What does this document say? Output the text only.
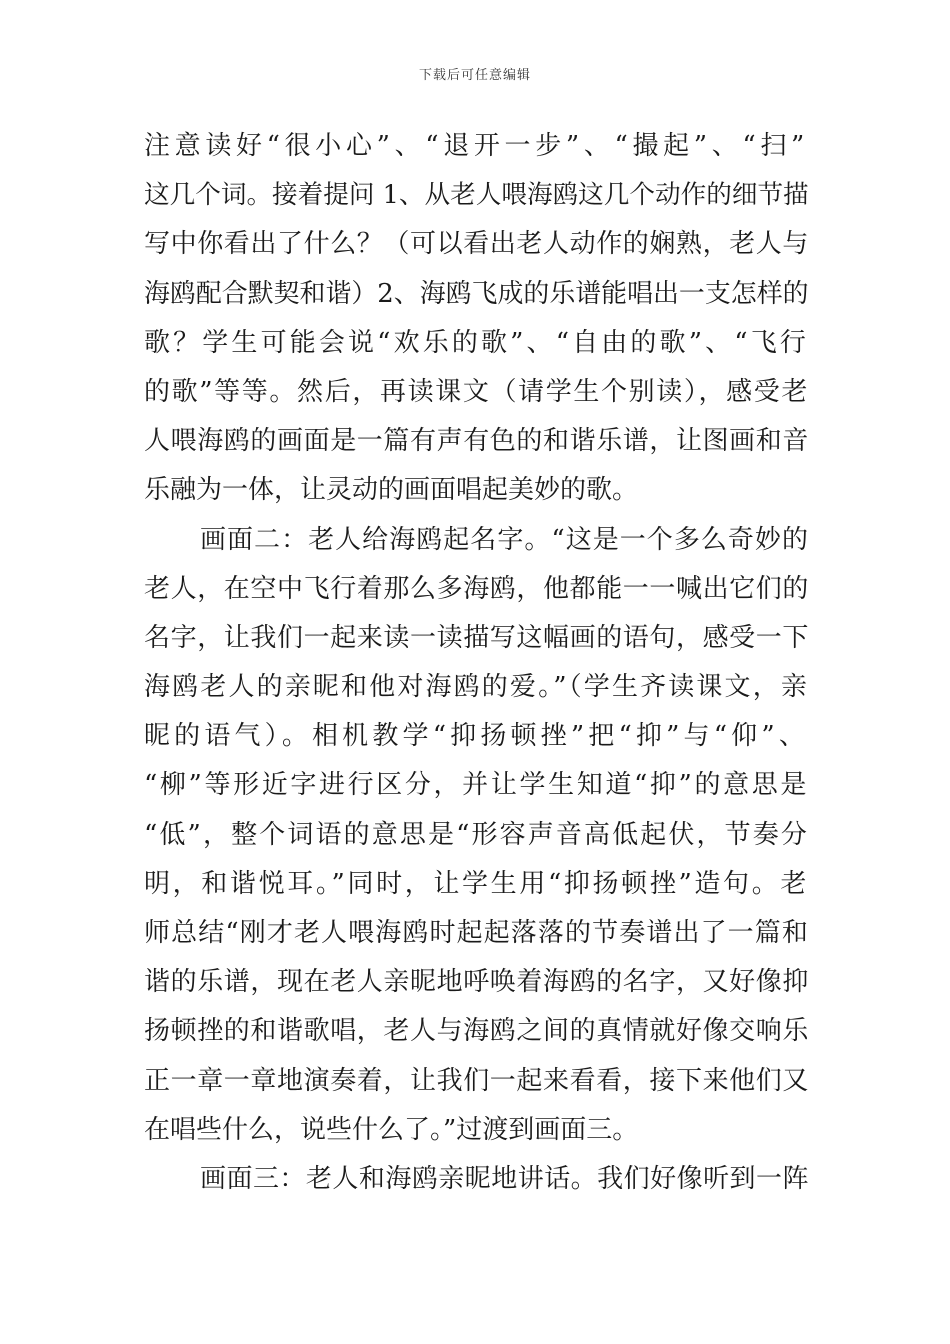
下载后可任意编辑
注意读好“很小心”、“退开一步”、“撮起”、“扫”
这几个词。接着提问 1、从老人喂海鸥这几个动作的细节描
写中你看出了什么？（可以看出老人动作的娴熟，老人与
海鸥配合默契和谐）2、海鸥飞成的乐谱能唱出一支怎样的
歌？学生可能会说“欢乐的歌”、“自由的歌”、“飞行
的歌”等等。然后，再读课文（请学生个别读），感受老
人喂海鸥的画面是一篇有声有色的和谐乐谱，让图画和音
乐融为一体，让灵动的画面唱起美妙的歌。
画面二：老人给海鸥起名字。“这是一个多么奇妙的
老人，在空中飞行着那么多海鸥，他都能一一喊出它们的
名字，让我们一起来读一读描写这幅画的语句，感受一下
海鸥老人的亲昵和他对海鸥的爱。”（学生齐读课文，亲
昵的语气）。相机教学“抑扬顿挫”把“抑”与“仰”、
“柳”等形近字进行区分，并让学生知道“抑”的意思是
“低”，整个词语的意思是“形容声音高低起伏，节奏分
明，和谐悦耳。”同时，让学生用“抑扬顿挫”造句。老
师总结“刚才老人喂海鸥时起起落落的节奏谱出了一篇和
谐的乐谱，现在老人亲昵地呼唤着海鸥的名字，又好像抑
扬顿挫的和谐歌唱，老人与海鸥之间的真情就好像交响乐
正一章一章地演奏着，让我们一起来看看，接下来他们又
在唱些什么，说些什么了。”过渡到画面三。
画面三：老人和海鸥亲昵地讲话。我们好像听到一阵
